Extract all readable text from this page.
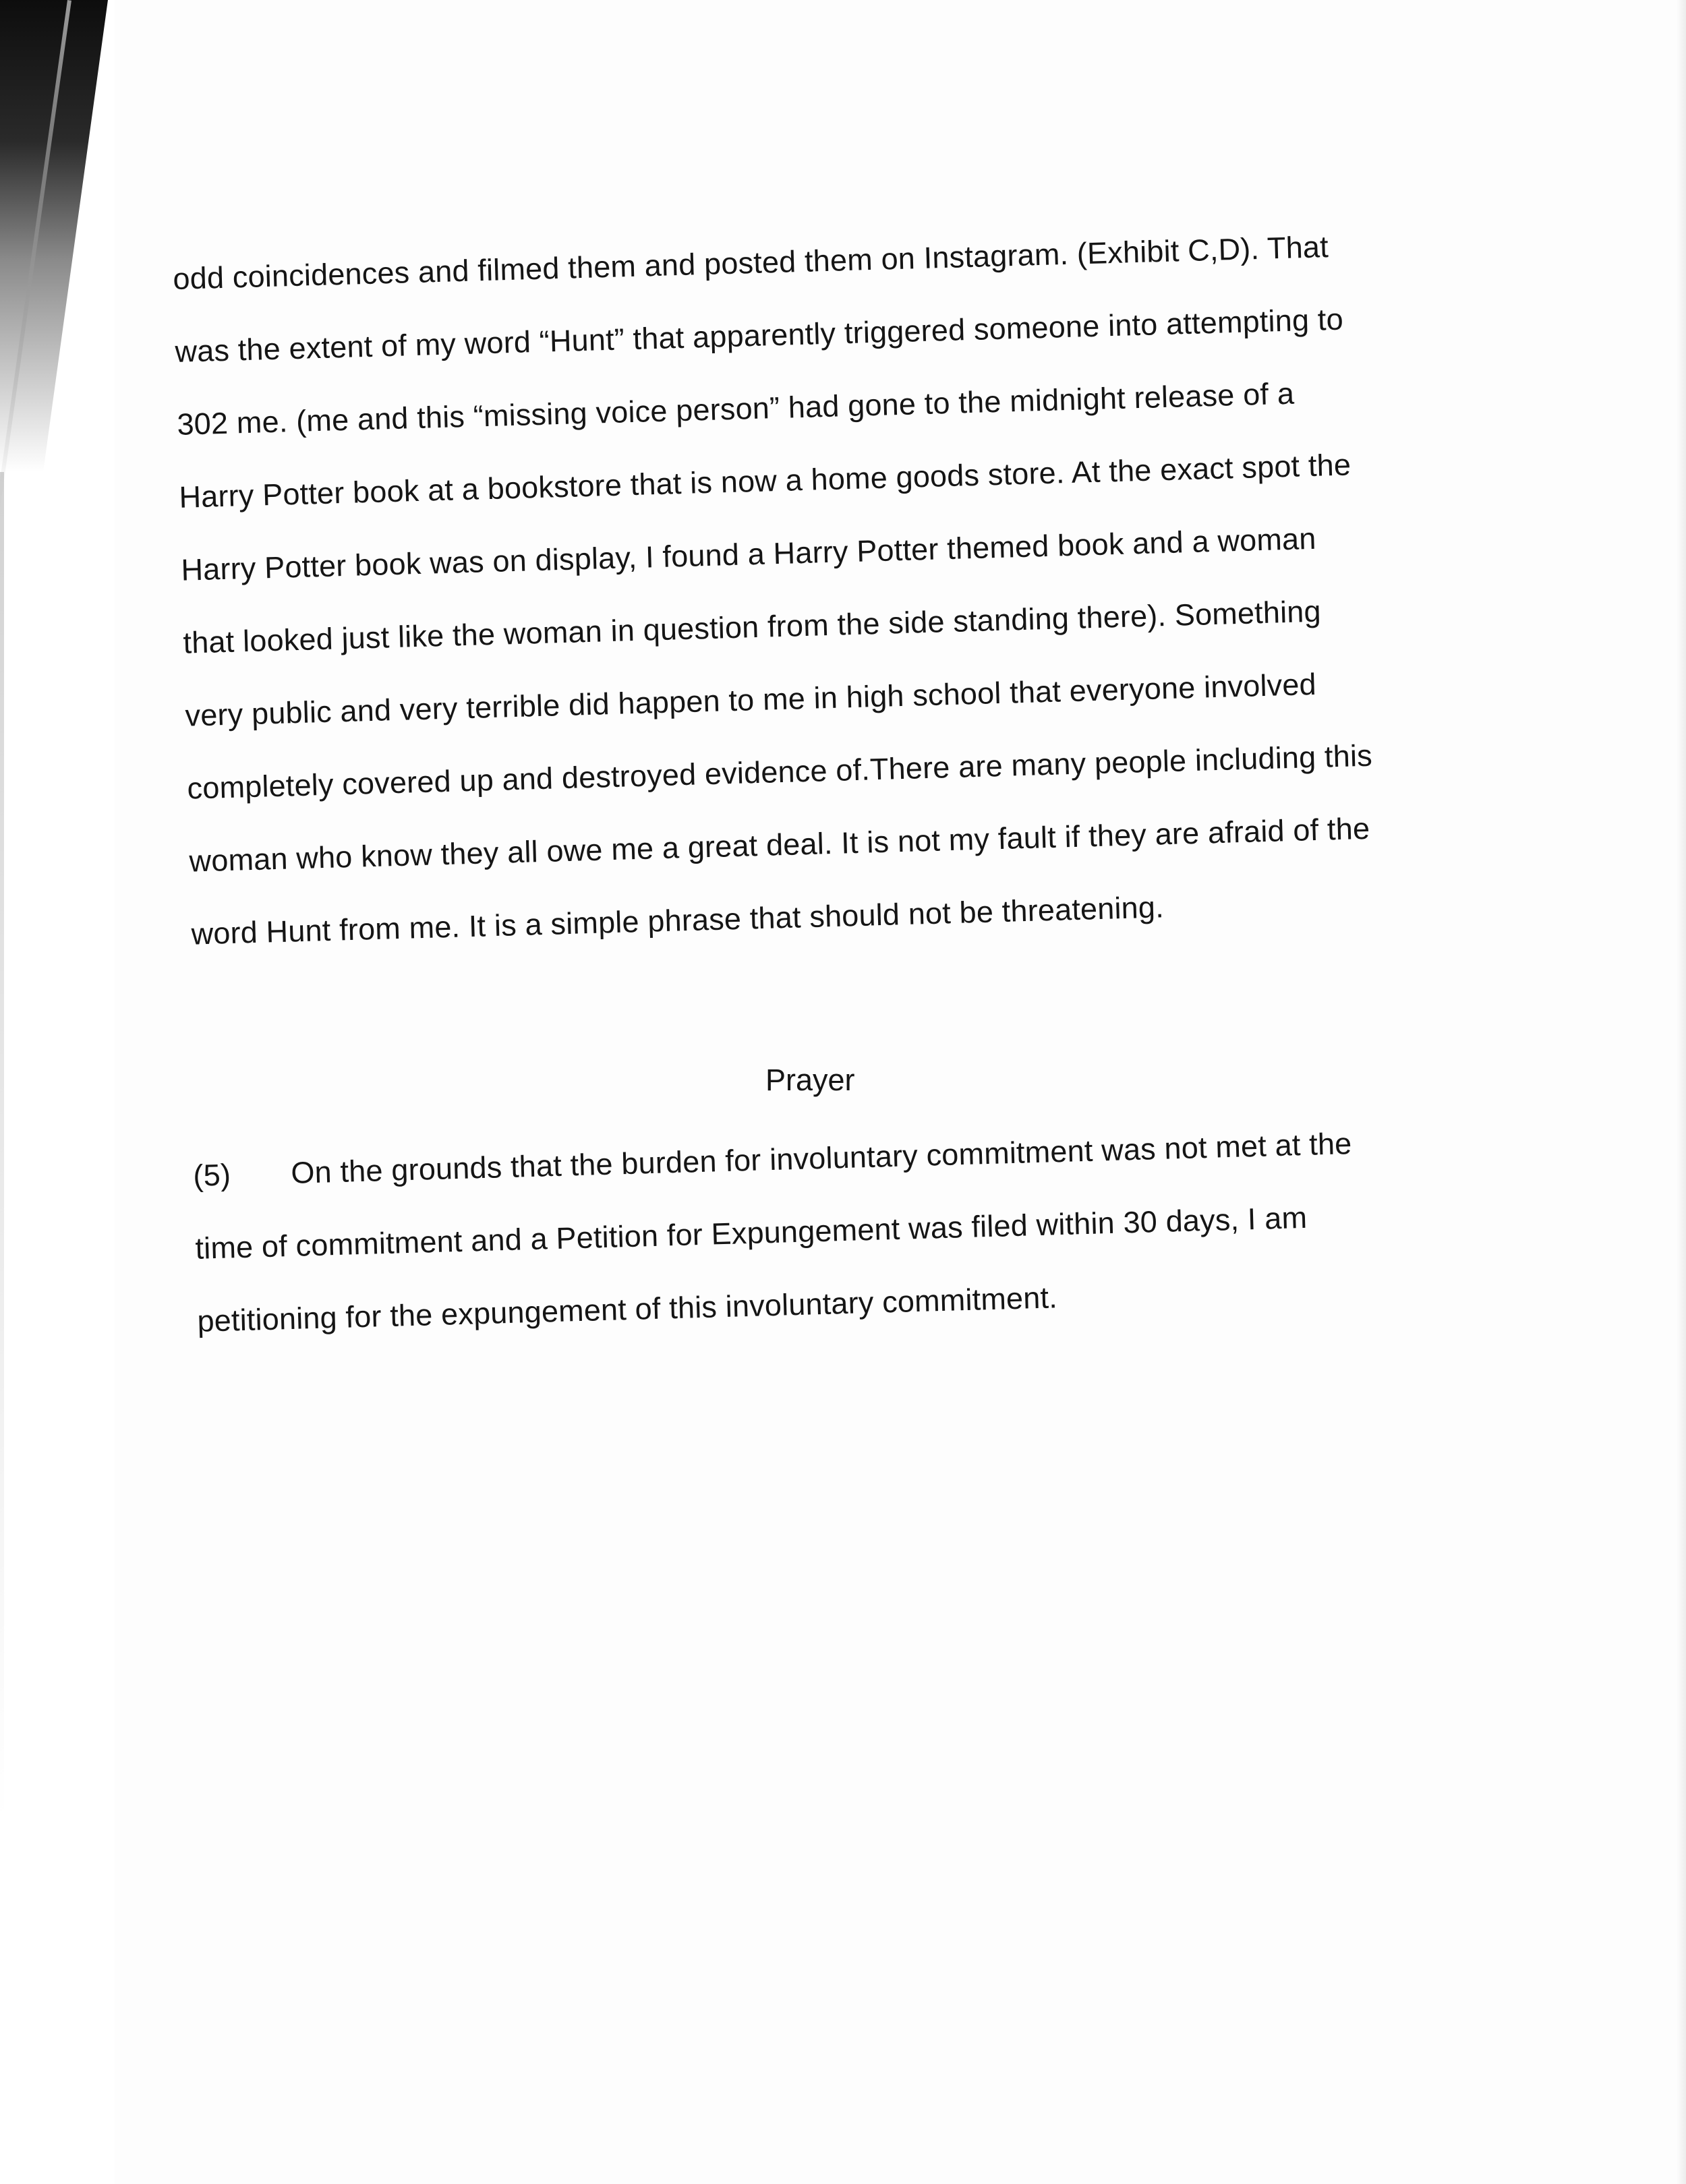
odd coincidences and filmed them and posted them on Instagram. (Exhibit C,D). That
was the extent of my word “Hunt” that apparently triggered someone into attempting to
302 me. (me and this “missing voice person” had gone to the midnight release of a
Harry Potter book at a bookstore that is now a home goods store. At the exact spot the
Harry Potter book was on display, I found a Harry Potter themed book and a woman
that looked just like the woman in question from the side standing there). Something
very public and very terrible did happen to me in high school that everyone involved
completely covered up and destroyed evidence of.There are many people including this
woman who know they all owe me a great deal. It is not my fault if they are afraid of the
word Hunt from me. It is a simple phrase that should not be threatening.
Prayer
(5) On the grounds that the burden for involuntary commitment was not met at the
time of commitment and a Petition for Expungement was filed within 30 days, I am
petitioning for the expungement of this involuntary commitment.
